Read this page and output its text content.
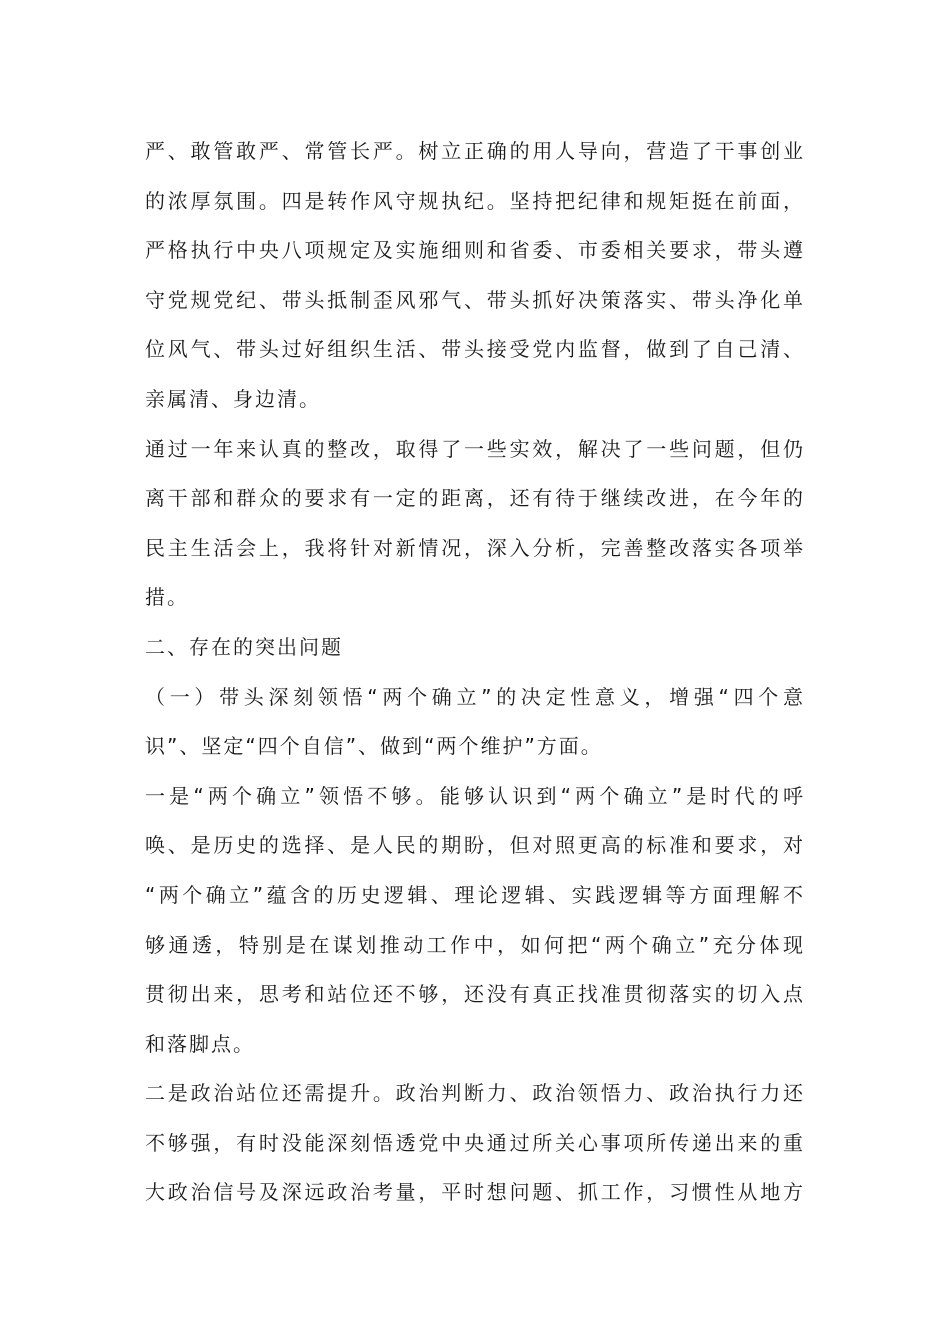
严、敢管敢严、常管长严。树立正确的用人导向，营造了干事创业
的浓厚氛围。四是转作风守规执纪。坚持把纪律和规矩挺在前面，
严格执行中央八项规定及实施细则和省委、市委相关要求，带头遵
守党规党纪、带头抵制歪风邪气、带头抓好决策落实、带头净化单
位风气、带头过好组织生活、带头接受党内监督，做到了自己清、
亲属清、身边清。
通过一年来认真的整改，取得了一些实效，解决了一些问题，但仍
离干部和群众的要求有一定的距离，还有待于继续改进，在今年的
民主生活会上，我将针对新情况，深入分析，完善整改落实各项举
措。
二、存在的突出问题
（一）带头深刻领悟“两个确立”的决定性意义，增强“四个意
识”、坚定“四个自信”、做到“两个维护”方面。
一是“两个确立”领悟不够。能够认识到“两个确立”是时代的呼
唤、是历史的选择、是人民的期盼，但对照更高的标准和要求，对
“两个确立”蕴含的历史逻辑、理论逻辑、实践逻辑等方面理解不
够通透，特别是在谋划推动工作中，如何把“两个确立”充分体现
贯彻出来，思考和站位还不够，还没有真正找准贯彻落实的切入点
和落脚点。
二是政治站位还需提升。政治判断力、政治领悟力、政治执行力还
不够强，有时没能深刻悟透党中央通过所关心事项所传递出来的重
大政治信号及深远政治考量，平时想问题、抓工作，习惯性从地方
